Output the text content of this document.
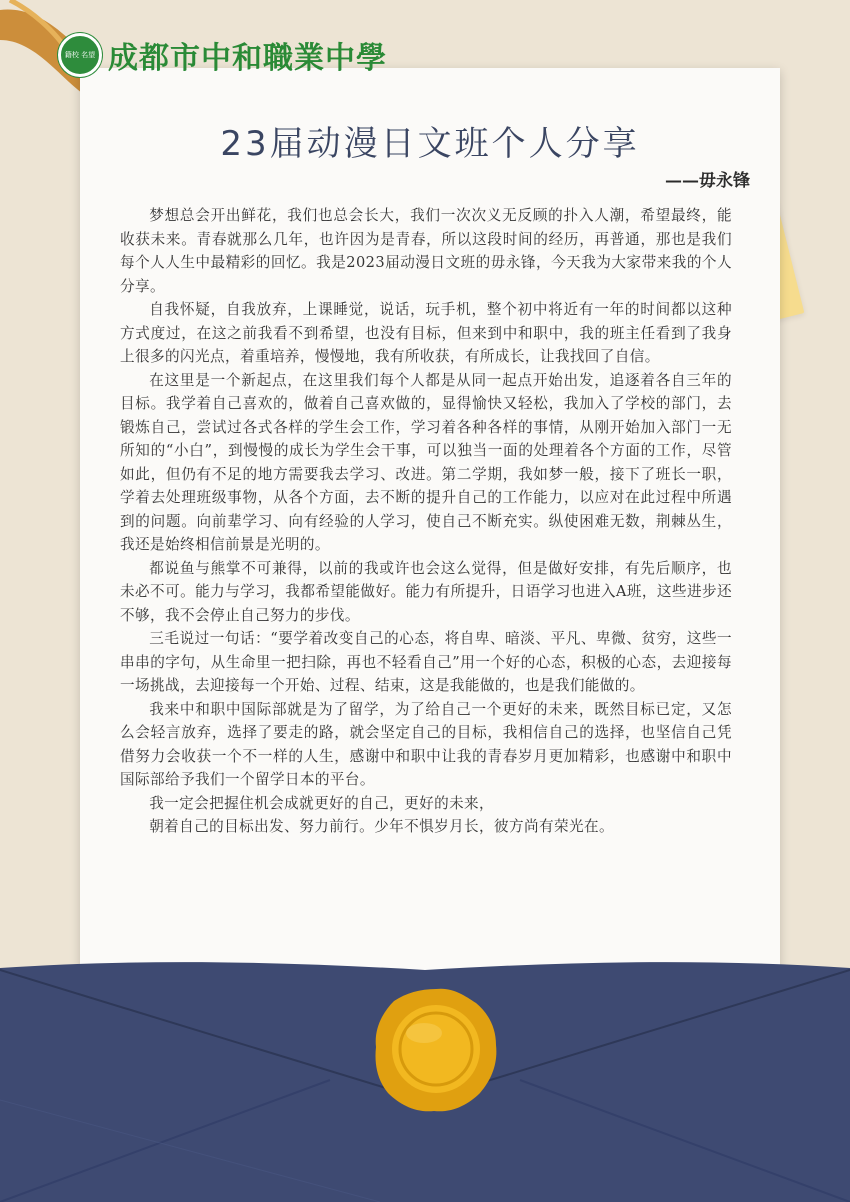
籍校 名望 成都市中和職業中學
23届动漫日文班个人分享
——毋永锋

梦想总会开出鲜花，我们也总会长大，我们一次次义无反顾的扑入人潮，希望最终，能收获未来。青春就那么几年，也许因为是青春，所以这段时间的经历，再普通，那也是我们每个人人生中最精彩的回忆。我是2023届动漫日文班的毋永锋，今天我为大家带来我的个人分享。

自我怀疑，自我放弃，上课睡觉，说话，玩手机，整个初中将近有一年的时间都以这种方式度过，在这之前我看不到希望，也没有目标，但来到中和职中，我的班主任看到了我身上很多的闪光点，着重培养，慢慢地，我有所收获，有所成长，让我找回了自信。

在这里是一个新起点，在这里我们每个人都是从同一起点开始出发，追逐着各自三年的目标。我学着自己喜欢的，做着自己喜欢做的，显得愉快又轻松，我加入了学校的部门，去锻炼自己，尝试过各式各样的学生会工作，学习着各种各样的事情，从刚开始加入部门一无所知的“小白”，到慢慢的成长为学生会干事，可以独当一面的处理着各个方面的工作，尽管如此，但仍有不足的地方需要我去学习、改进。第二学期，我如梦一般，接下了班长一职，学着去处理班级事物，从各个方面，去不断的提升自己的工作能力，以应对在此过程中所遇到的问题。向前辈学习、向有经验的人学习，使自己不断充实。纵使困难无数，荆棘丛生，我还是始终相信前景是光明的。

都说鱼与熊掌不可兼得，以前的我或许也会这么觉得，但是做好安排，有先后顺序，也未必不可。能力与学习，我都希望能做好。能力有所提升，日语学习也进入A班，这些进步还不够，我不会停止自己努力的步伐。

三毛说过一句话：“要学着改变自己的心态，将自卑、暗淡、平凡、卑微、贫穷，这些一串串的字句，从生命里一把扫除，再也不轻看自己”用一个好的心态，积极的心态，去迎接每一场挑战，去迎接每一个开始、过程、结束，这是我能做的，也是我们能做的。

我来中和职中国际部就是为了留学，为了给自己一个更好的未来，既然目标已定，又怎么会轻言放弃，选择了要走的路，就会坚定自己的目标，我相信自己的选择，也坚信自己凭借努力会收获一个不一样的人生，感谢中和职中让我的青春岁月更加精彩，也感谢中和职中国际部给予我们一个留学日本的平台。

我一定会把握住机会成就更好的自己，更好的未来，

朝着自己的目标出发、努力前行。少年不惧岁月长，彼方尚有荣光在。
